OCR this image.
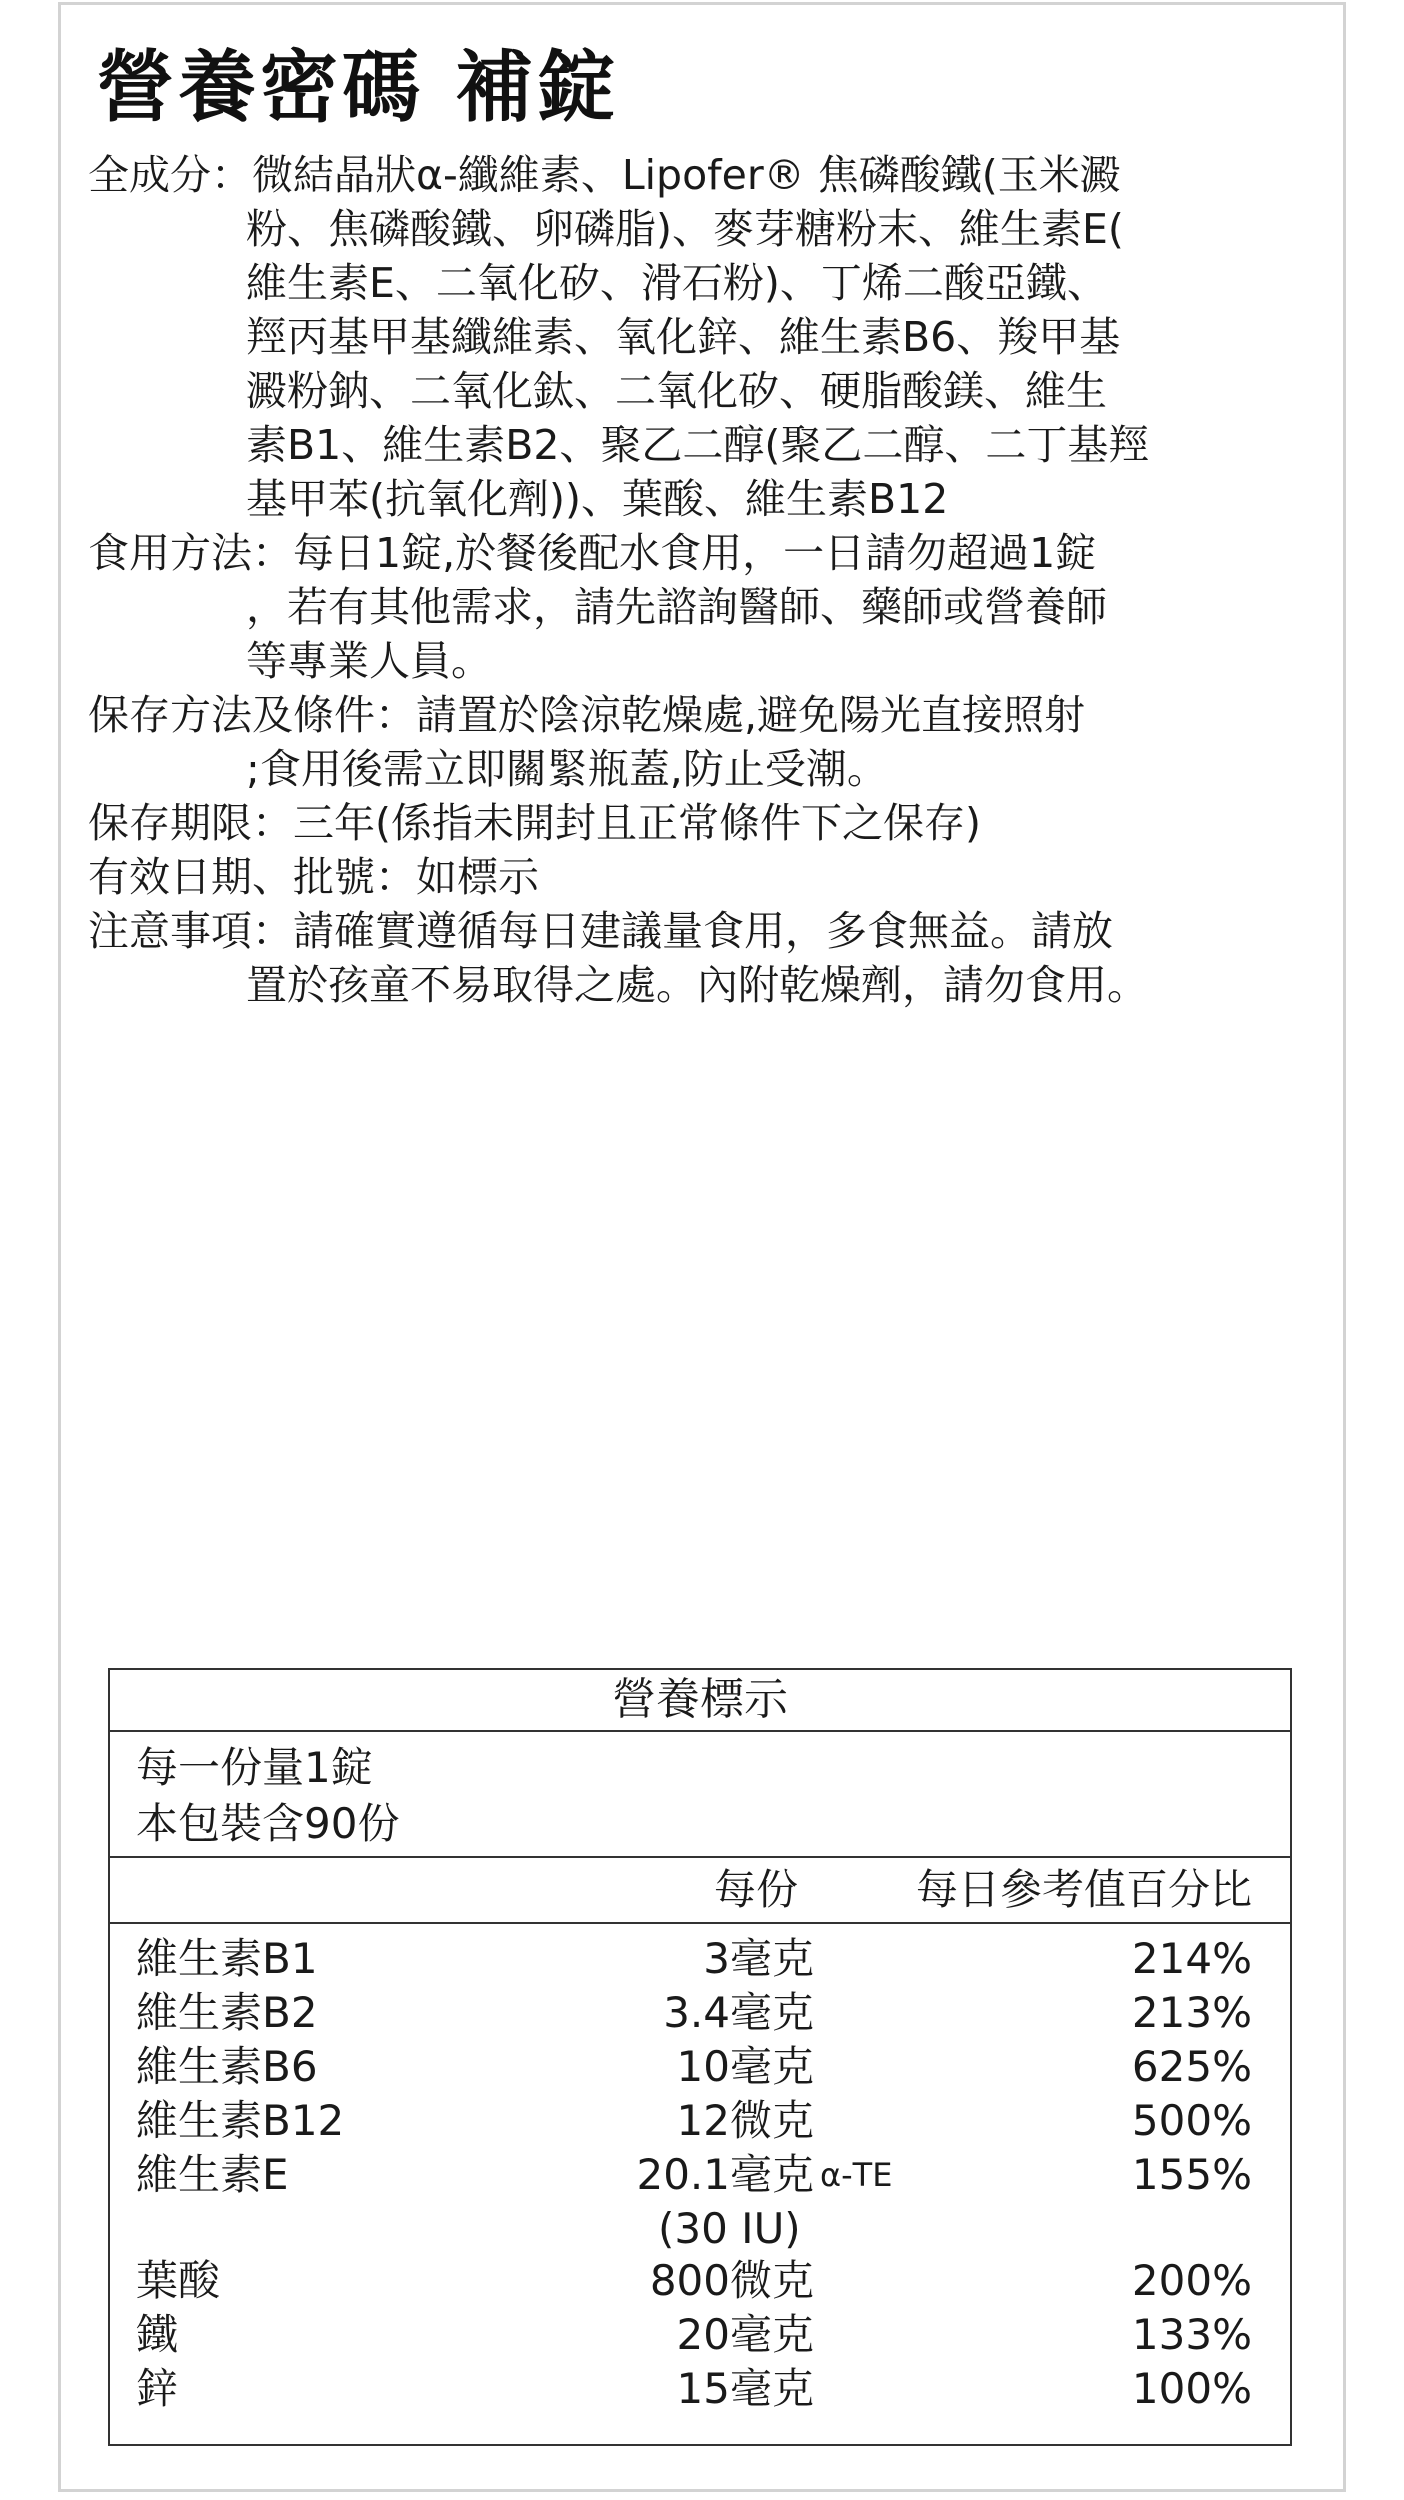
營養密碼 補錠
全成分： 微結晶狀α-纖維素、Lipofer® 焦磷酸鐵(玉米澱
粉、焦磷酸鐵、卵磷脂)、麥芽糖粉末、維生素E(
維生素E、二氧化矽、滑石粉)、丁烯二酸亞鐵、
羥丙基甲基纖維素、氧化鋅、維生素B6、羧甲基
澱粉鈉、二氧化鈦、二氧化矽、硬脂酸鎂、維生
素B1、維生素B2、聚乙二醇(聚乙二醇、二丁基羥
基甲苯(抗氧化劑))、葉酸、維生素B12
食用方法： 每日1錠,於餐後配水食用，一日請勿超過1錠
，若有其他需求，請先諮詢醫師、藥師或營養師
等專業人員。
保存方法及條件： 請置於陰涼乾燥處,避免陽光直接照射
;食用後需立即關緊瓶蓋,防止受潮。
保存期限： 三年(係指未開封且正常條件下之保存)
有效日期、批號： 如標示
注意事項： 請確實遵循每日建議量食用，多食無益。請放
置於孩童不易取得之處。內附乾燥劑，請勿食用。
營養標示
每一份量1錠
本包裝含90份
每份	每日參考值百分比
維生素B1	3毫克	214%
維生素B2	3.4毫克	213%
維生素B6	10毫克	625%
維生素B12	12微克	500%
維生素E	20.1毫克 α-TE	155%
(30 IU)
葉酸	800微克	200%
鐵	20毫克	133%
鋅	15毫克	100%
